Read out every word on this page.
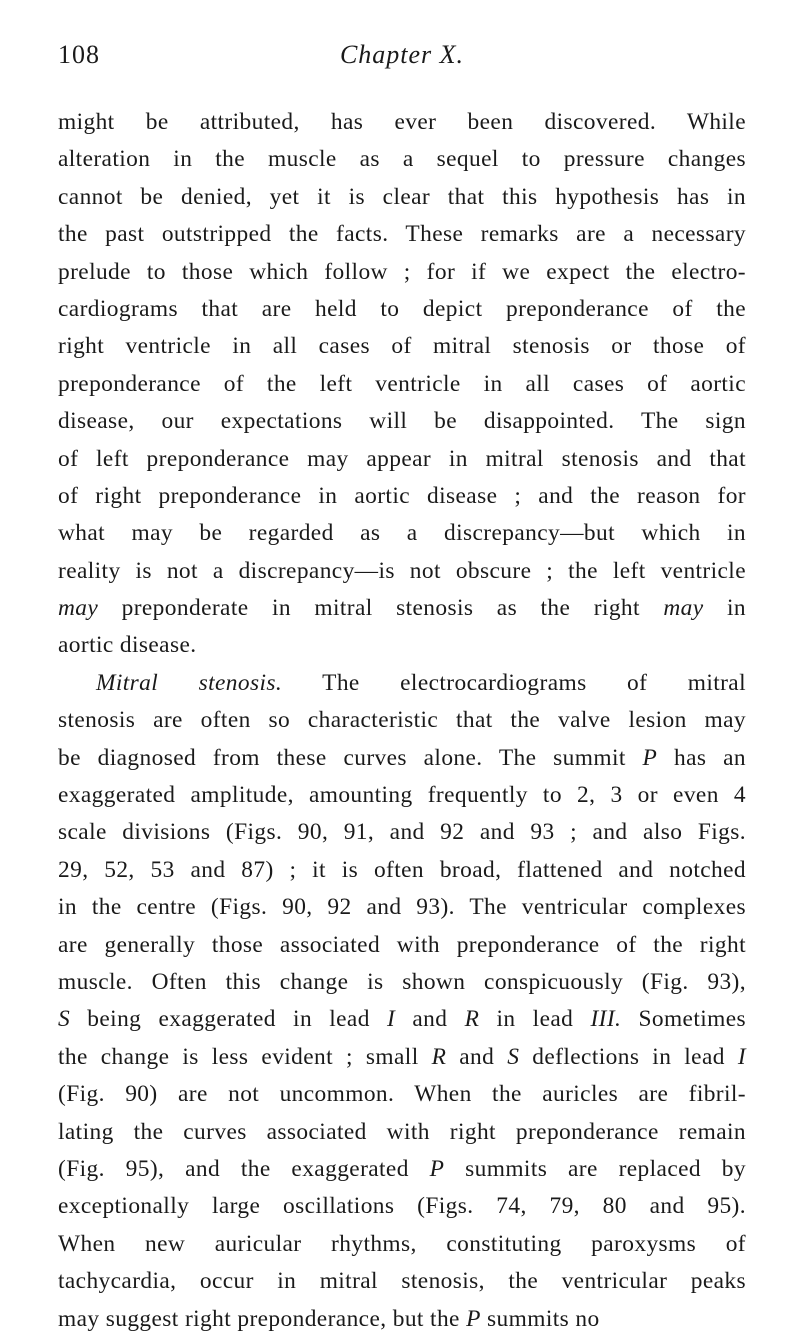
108	Chapter X.
might be attributed, has ever been discovered. While
alteration in the muscle as a sequel to pressure changes
cannot be denied, yet it is clear that this hypothesis has in
the past outstripped the facts. These remarks are a necessary
prelude to those which follow ; for if we expect the electro-
cardiograms that are held to depict preponderance of the
right ventricle in all cases of mitral stenosis or those of
preponderance of the left ventricle in all cases of aortic
disease, our expectations will be disappointed. The sign
of left preponderance may appear in mitral stenosis and that
of right preponderance in aortic disease ; and the reason for
what may be regarded as a discrepancy—but which in
reality is not a discrepancy—is not obscure ; the left ventricle
may preponderate in mitral stenosis as the right may in
aortic disease.
Mitral stenosis. The electrocardiograms of mitral
stenosis are often so characteristic that the valve lesion may
be diagnosed from these curves alone. The summit P has an
exaggerated amplitude, amounting frequently to 2, 3 or even 4
scale divisions (Figs. 90, 91, and 92 and 93 ; and also Figs.
29, 52, 53 and 87) ; it is often broad, flattened and notched
in the centre (Figs. 90, 92 and 93). The ventricular complexes
are generally those associated with preponderance of the right
muscle. Often this change is shown conspicuously (Fig. 93),
S being exaggerated in lead I and R in lead III. Sometimes
the change is less evident ; small R and S deflections in lead I
(Fig. 90) are not uncommon. When the auricles are fibril-
lating the curves associated with right preponderance remain
(Fig. 95), and the exaggerated P summits are replaced by
exceptionally large oscillations (Figs. 74, 79, 80 and 95).
When new auricular rhythms, constituting paroxysms of
tachycardia, occur in mitral stenosis, the ventricular peaks
may suggest right preponderance, but the P summits no
